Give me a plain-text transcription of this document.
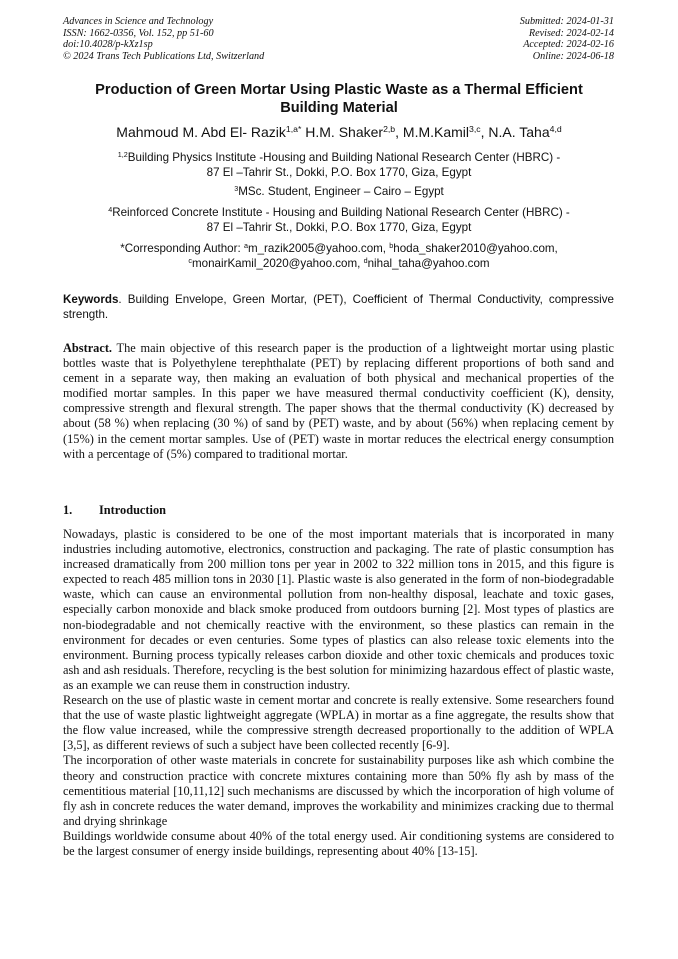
Advances in Science and Technology
ISSN: 1662-0356, Vol. 152, pp 51-60
doi:10.4028/p-kXz1sp
© 2024 Trans Tech Publications Ltd, Switzerland
Submitted: 2024-01-31
Revised: 2024-02-14
Accepted: 2024-02-16
Online: 2024-06-18
Production of Green Mortar Using Plastic Waste as a Thermal Efficient
Building Material
Mahmoud M. Abd El- Razik$^{1,a*}$ H.M. Shaker$^{2,b}$, M.M.Kamil$^{3,c}$, N.A. Taha$^{4,d}$
$^{1,2}$Building Physics Institute -Housing and Building National Research Center (HBRC) -
87 El –Tahrir St., Dokki, P.O. Box 1770, Giza, Egypt
$^3$MSc. Student, Engineer – Cairo – Egypt
$^4$Reinforced Concrete Institute - Housing and Building National Research Center (HBRC) -
87 El –Tahrir St., Dokki, P.O. Box 1770, Giza, Egypt
*Corresponding Author: $^a$m_razik2005@yahoo.com, $^b$hoda_shaker2010@yahoo.com,
$^c$monairKamil_2020@yahoo.com, $^d$nihal_taha@yahoo.com
Keywords. Building Envelope, Green Mortar, (PET), Coefficient of Thermal Conductivity, compressive strength.

Abstract. The main objective of this research paper is the production of a lightweight mortar using plastic bottles waste that is Polyethylene terephthalate (PET) by replacing different proportions of both sand and cement in a separate way, then making an evaluation of both physical and mechanical properties of the modified mortar samples. In this paper we have measured thermal conductivity coefficient (K), density, compressive strength and flexural strength. The paper shows that the thermal conductivity (K) decreased by about (58 %) when replacing (30 %) of sand by (PET) waste, and by about (56%) when replacing cement by (15%) in the cement mortar samples. Use of (PET) waste in mortar reduces the electrical energy consumption with a percentage of (5%) compared to traditional mortar.

1. Introduction

Nowadays, plastic is considered to be one of the most important materials that is incorporated in many industries including automotive, electronics, construction and packaging. The rate of plastic consumption has increased dramatically from 200 million tons per year in 2002 to 322 million tons in 2015, and this figure is expected to reach 485 million tons in 2030 [1]. Plastic waste is also generated in the form of non-biodegradable waste, which can cause an environmental pollution from non-healthy disposal, leachate and toxic gases, especially carbon monoxide and black smoke produced from outdoors burning [2]. Most types of plastics are non-biodegradable and not chemically reactive with the environment, so these plastics can remain in the environment for decades or even centuries. Some types of plastics can also release toxic elements into the environment. Burning process typically releases carbon dioxide and other toxic chemicals and produces toxic ash and ash residuals. Therefore, recycling is the best solution for minimizing hazardous effect of plastic waste, as an example we can reuse them in construction industry.

Research on the use of plastic waste in cement mortar and concrete is really extensive. Some researchers found that the use of waste plastic lightweight aggregate (WPLA) in mortar as a fine aggregate, the results show that the flow value increased, while the compressive strength decreased proportionally to the addition of WPLA [3,5], as different reviews of such a subject have been collected recently [6-9].

The incorporation of other waste materials in concrete for sustainability purposes like ash which combine the theory and construction practice with concrete mixtures containing more than 50% fly ash by mass of the cementitious material [10,11,12] such mechanisms are discussed by which the incorporation of high volume of fly ash in concrete reduces the water demand, improves the workability and minimizes cracking due to thermal and drying shrinkage

Buildings worldwide consume about 40% of the total energy used. Air conditioning systems are considered to be the largest consumer of energy inside buildings, representing about 40% [13-15].
